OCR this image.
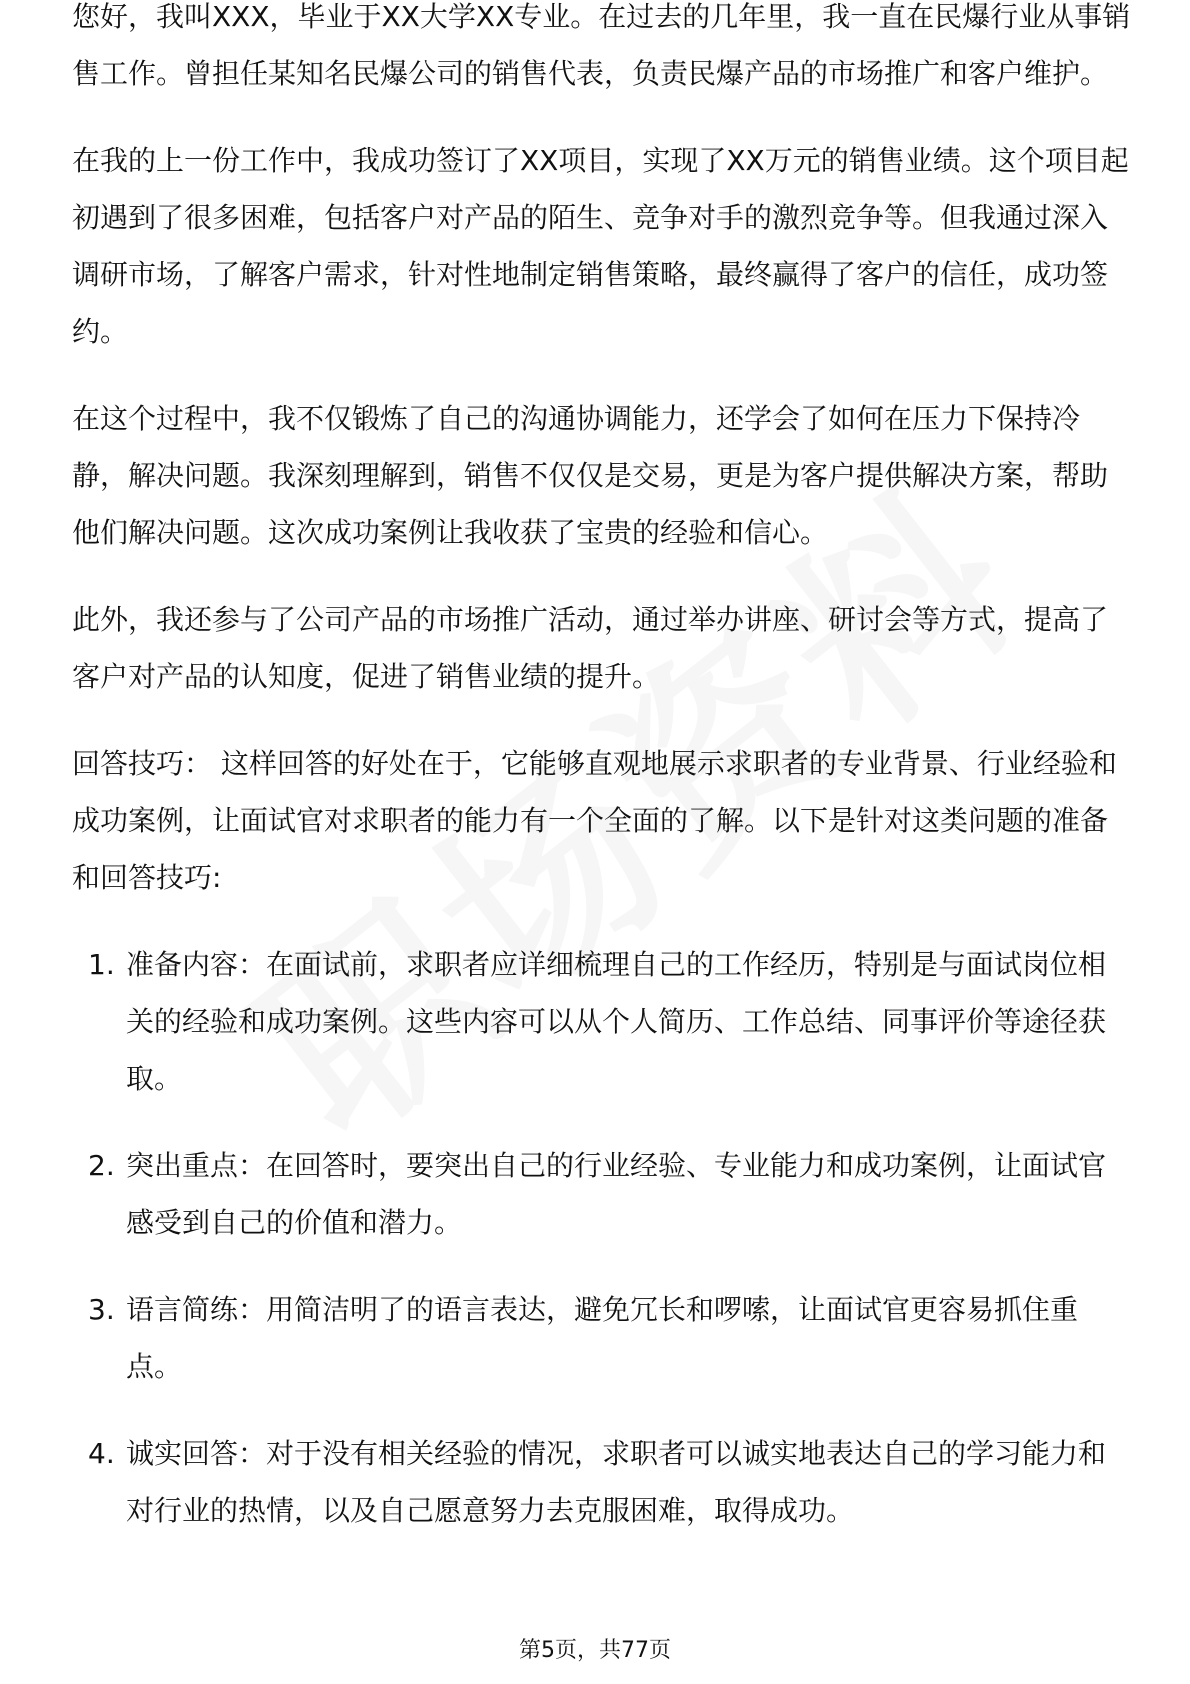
您好，我叫XXX，毕业于XX大学XX专业。在过去的几年里，我一直在民爆行业从事销售工作。曾担任某知名民爆公司的销售代表，负责民爆产品的市场推广和客户维护。

在我的上一份工作中，我成功签订了XX项目，实现了XX万元的销售业绩。这个项目起初遇到了很多困难，包括客户对产品的陌生、竞争对手的激烈竞争等。但我通过深入调研市场，了解客户需求，针对性地制定销售策略，最终赢得了客户的信任，成功签约。

在这个过程中，我不仅锻炼了自己的沟通协调能力，还学会了如何在压力下保持冷静，解决问题。我深刻理解到，销售不仅仅是交易，更是为客户提供解决方案，帮助他们解决问题。这次成功案例让我收获了宝贵的经验和信心。

此外，我还参与了公司产品的市场推广活动，通过举办讲座、研讨会等方式，提高了客户对产品的认知度，促进了销售业绩的提升。

回答技巧： 这样回答的好处在于，它能够直观地展示求职者的专业背景、行业经验和成功案例，让面试官对求职者的能力有一个全面的了解。以下是针对这类问题的准备和回答技巧:

1. 准备内容：在面试前，求职者应详细梳理自己的工作经历，特别是与面试岗位相关的经验和成功案例。这些内容可以从个人简历、工作总结、同事评价等途径获取。
2. 突出重点：在回答时，要突出自己的行业经验、专业能力和成功案例，让面试官感受到自己的价值和潜力。
3. 语言简练：用简洁明了的语言表达，避免冗长和啰嗦，让面试官更容易抓住重点。
4. 诚实回答：对于没有相关经验的情况，求职者可以诚实地表达自己的学习能力和对行业的热情，以及自己愿意努力去克服困难，取得成功。
第5页，共77页
